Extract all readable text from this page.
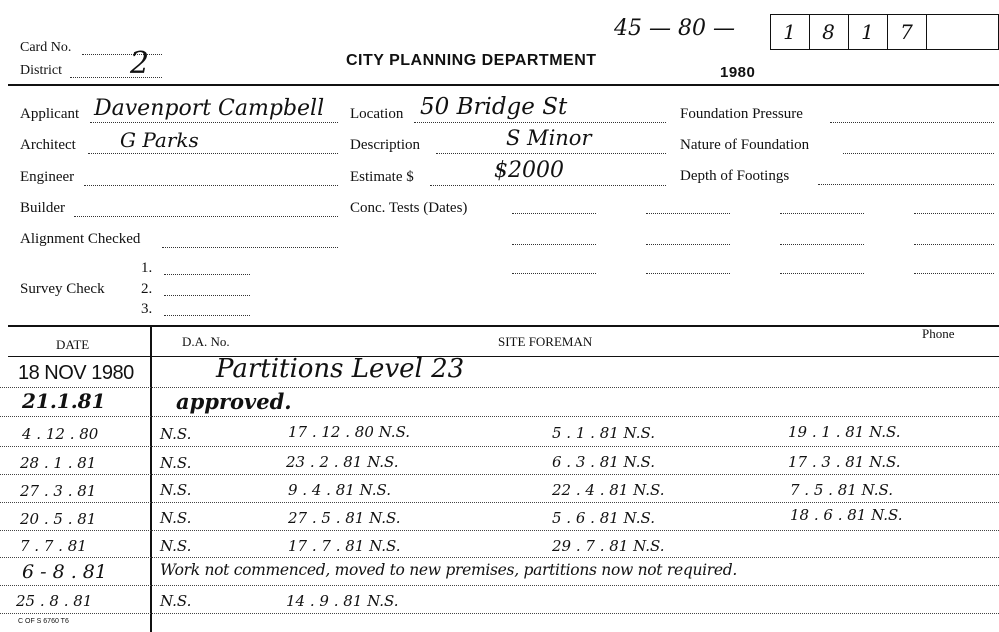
Card No.
District 2	CITY PLANNING DEPARTMENT
1980
45 — 80 —	1	8	1	7
Applicant Davenport Campbell
Architect G Parks
Engineer
Builder
Alignment Checked
1.
Survey Check 2.
3.
Location 50 Bridge St
Description	S Minor
Estimate $	$2000
Conc. Tests (Dates)
Foundation Pressure
Nature of Foundation
Depth of Footings
DATE	D.A. No.	SITE FOREMAN
Phone
18 NOV 1980	Partitions Level 23
21.1.81	approved.
4 . 12 . 80	N.S.	17 . 12 . 80 N.S.	5 . 1 . 81 N.S.	19 . 1 . 81 N.S.
28 . 1 . 81	N.S.	23 . 2 . 81 N.S.	6 . 3 . 81 N.S.	17 . 3 . 81 N.S.
27 . 3 . 81	N.S.	9 . 4 . 81 N.S.	22 . 4 . 81 N.S.	7 . 5 . 81 N.S.
20 . 5 . 81	N.S.	27 . 5 . 81 N.S.	5 . 6 . 81 N.S.	18 . 6 . 81 N.S.
7 . 7 . 81	N.S.	17 . 7 . 81 N.S.	29 . 7 . 81 N.S.
6 - 8 . 81	Work not commenced, moved to new premises, partitions now not required.
25 . 8 . 81	N.S.	14 . 9 . 81 N.S.
C OF S 6760 T6
